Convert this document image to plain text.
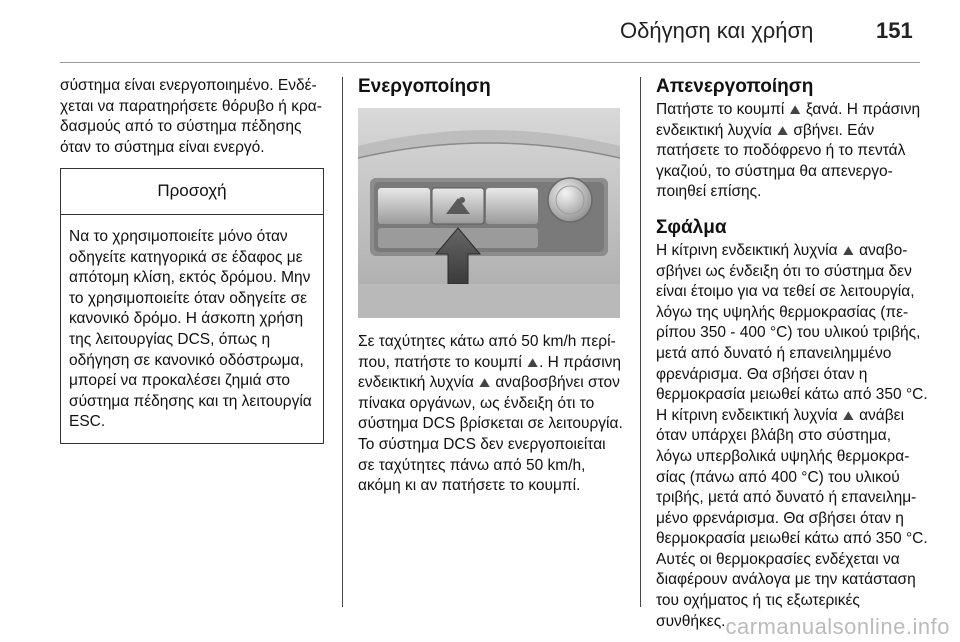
Οδήγηση και χρήση	151

σύστημα είναι ενεργοποιημένο. Ενδέχεται να παρατηρήσετε θόρυβο ή κραδασμούς από το σύστημα πέδησης όταν το σύστημα είναι ενεργό.

Προσοχή
Να το χρησιμοποιείτε μόνο όταν οδηγείτε κατηγορικά σε έδαφος με απότομη κλίση, εκτός δρόμου. Μην το χρησιμοποιείτε όταν οδηγείτε σε κανονικό δρόμο. Η άσκοπη χρήση της λειτουργίας DCS, όπως η οδήγηση σε κανονικό οδόστρωμα, μπορεί να προκαλέσει ζημιά στο σύστημα πέδησης και τη λειτουργία ESC.
Ενεργοποίηση

Σε ταχύτητες κάτω από 50 km/h περίπου, πατήστε το κουμπί ⛰. Η πράσινη ενδεικτική λυχνία ⛰ αναβοσβήνει στον πίνακα οργάνων, ως ένδειξη ότι το σύστημα DCS βρίσκεται σε λειτουργία. Το σύστημα DCS δεν ενεργοποιείται σε ταχύτητες πάνω από 50 km/h, ακόμη κι αν πατήσετε το κουμπί.

Απενεργοποίηση

Πατήστε το κουμπί ⛰ ξανά. Η πράσινη ενδεικτική λυχνία ⛰ σβήνει. Εάν πατήσετε το ποδόφρενο ή το πεντάλ γκαζιού, το σύστημα θα απενεργοποιηθεί επίσης.

Σφάλμα

Η κίτρινη ενδεικτική λυχνία ⛰ αναβοσβήνει ως ένδειξη ότι το σύστημα δεν είναι έτοιμο για να τεθεί σε λειτουργία, λόγω της υψηλής θερμοκρασίας (περίπου 350 - 400 °C) του υλικού τριβής, μετά από δυνατό ή επανειλημμένο φρενάρισμα. Θα σβήσει όταν η θερμοκρασία μειωθεί κάτω από 350 °C.

Η κίτρινη ενδεικτική λυχνία ⛰ ανάβει όταν υπάρχει βλάβη στο σύστημα, λόγω υπερβολικά υψηλής θερμοκρασίας (πάνω από 400 °C) του υλικού τριβής, μετά από δυνατό ή επανειλημμένο φρενάρισμα. Θα σβήσει όταν η θερμοκρασία μειωθεί κάτω από 350 °C. Αυτές οι θερμοκρασίες ενδέχεται να διαφέρουν ανάλογα με την κατάσταση του οχήματος ή τις εξωτερικές συνθήκες. carmanualsonline.info
